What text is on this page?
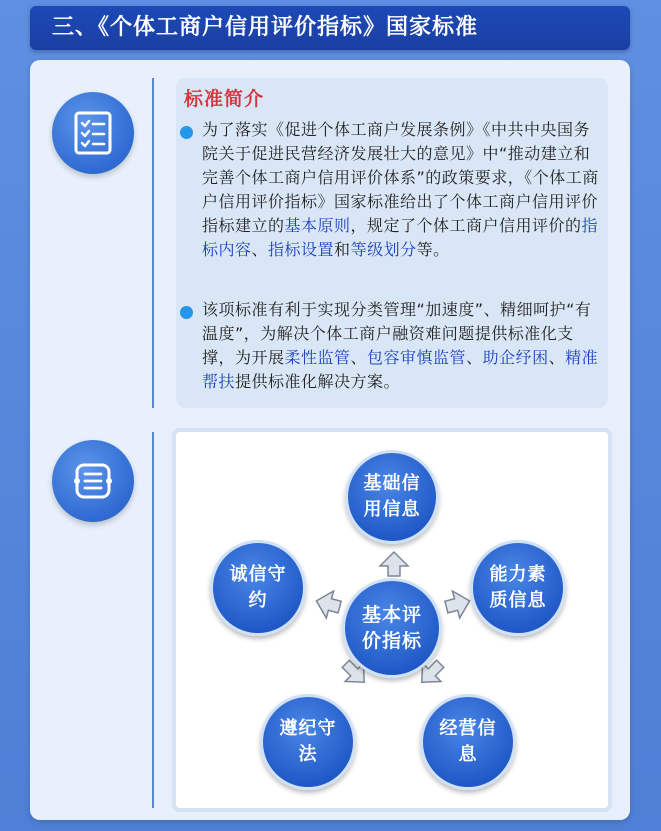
三、《个体工商户信用评价指标》国家标准
标准简介
为了落实《促进个体工商户发展条例》《中共中央国务院关于促进民营经济发展壮大的意见》中“推动建立和完善个体工商户信用评价体系”的政策要求，《个体工商户信用评价指标》国家标准给出了个体工商户信用评价指标建立的基本原则，规定了个体工商户信用评价的指标内容、指标设置和等级划分等。
该项标准有利于实现分类管理“加速度”、精细呵护“有温度”，为解决个体工商户融资难问题提供标准化支撑，为开展柔性监管、包容审慎监管、助企纾困、精准帮扶提供标准化解决方案。
基础信用信息
能力素质信息
经营信息
遵纪守法
诚信守约
基本评价指标
